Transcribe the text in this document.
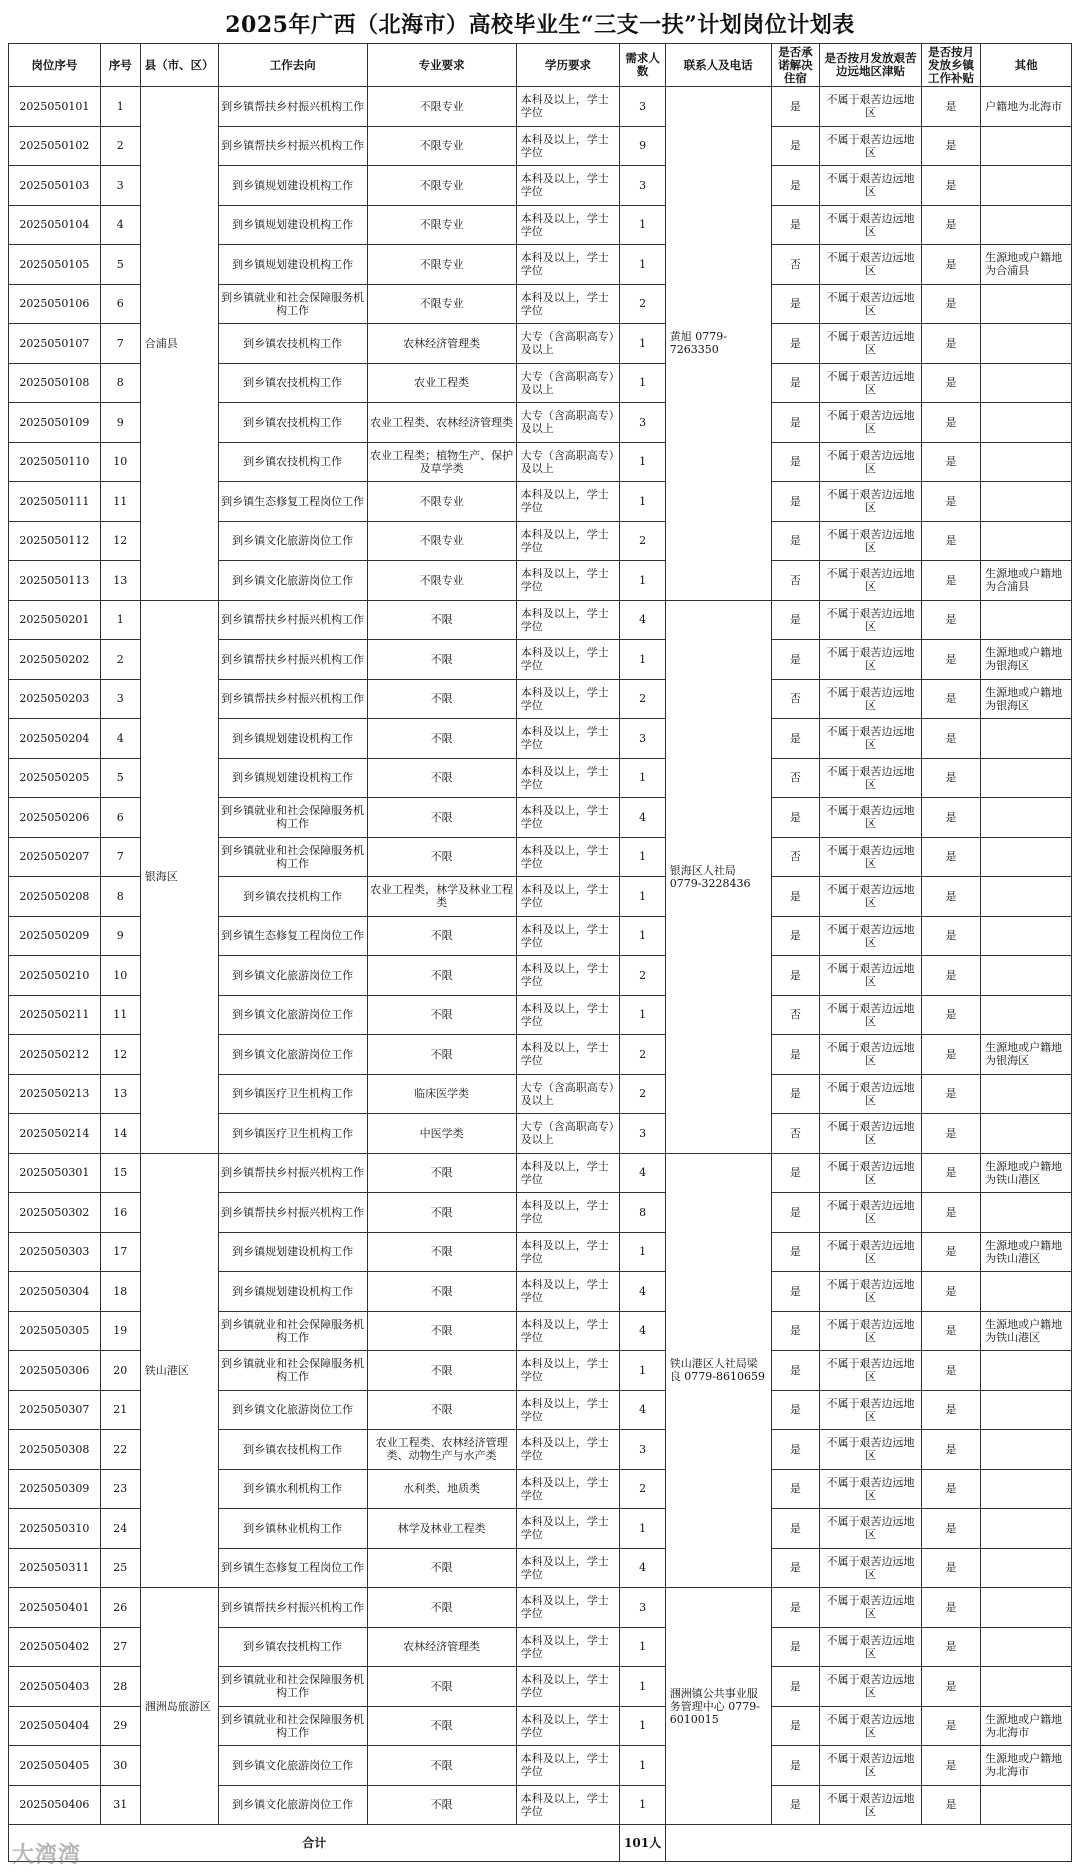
2025年广西（北海市）高校毕业生“三支一扶”计划岗位计划表
岗位序号	序号	县（市、区）	工作去向	专业要求	学历要求	需求人数	联系人及电话	是否承诺解决住宿	是否按月发放艰苦边远地区津贴	是否按月发放乡镇工作补贴	其他
2025050101	1	合浦县	到乡镇帮扶乡村振兴机构工作	不限专业	本科及以上，学士学位	3	黄旭 0779-7263350	是	不属于艰苦边远地区	是	户籍地为北海市
2025050102	2		到乡镇帮扶乡村振兴机构工作	不限专业	本科及以上，学士学位	9		是	不属于艰苦边远地区	是	
2025050103	3		到乡镇规划建设机构工作	不限专业	本科及以上，学士学位	3		是	不属于艰苦边远地区	是	
2025050104	4		到乡镇规划建设机构工作	不限专业	本科及以上，学士学位	1		是	不属于艰苦边远地区	是	
2025050105	5		到乡镇规划建设机构工作	不限专业	本科及以上，学士学位	1		否	不属于艰苦边远地区	是	生源地或户籍地为合浦县
2025050106	6		到乡镇就业和社会保障服务机构工作	不限专业	本科及以上，学士学位	2		是	不属于艰苦边远地区	是	
2025050107	7		到乡镇农技机构工作	农林经济管理类	大专（含高职高专）及以上	1		是	不属于艰苦边远地区	是	
2025050108	8		到乡镇农技机构工作	农业工程类	大专（含高职高专）及以上	1		是	不属于艰苦边远地区	是	
2025050109	9		到乡镇农技机构工作	农业工程类、农林经济管理类	大专（含高职高专）及以上	3		是	不属于艰苦边远地区	是	
2025050110	10		到乡镇农技机构工作	农业工程类；植物生产、保护及草学类	大专（含高职高专）及以上	1		是	不属于艰苦边远地区	是	
2025050111	11		到乡镇生态修复工程岗位工作	不限专业	本科及以上，学士学位	1		是	不属于艰苦边远地区	是	
2025050112	12		到乡镇文化旅游岗位工作	不限专业	本科及以上，学士学位	2		是	不属于艰苦边远地区	是	
2025050113	13		到乡镇文化旅游岗位工作	不限专业	本科及以上，学士学位	1		否	不属于艰苦边远地区	是	生源地或户籍地为合浦县
2025050201	1	银海区	到乡镇帮扶乡村振兴机构工作	不限	本科及以上，学士学位	4	银海区人社局 0779-3228436	是	不属于艰苦边远地区	是	
2025050202	2		到乡镇帮扶乡村振兴机构工作	不限	本科及以上，学士学位	1		是	不属于艰苦边远地区	是	生源地或户籍地为银海区
2025050203	3		到乡镇帮扶乡村振兴机构工作	不限	本科及以上，学士学位	2		否	不属于艰苦边远地区	是	生源地或户籍地为银海区
2025050204	4		到乡镇规划建设机构工作	不限	本科及以上，学士学位	3		是	不属于艰苦边远地区	是	
2025050205	5		到乡镇规划建设机构工作	不限	本科及以上，学士学位	1		否	不属于艰苦边远地区	是	
2025050206	6		到乡镇就业和社会保障服务机构工作	不限	本科及以上，学士学位	4		是	不属于艰苦边远地区	是	
2025050207	7		到乡镇就业和社会保障服务机构工作	不限	本科及以上，学士学位	1		否	不属于艰苦边远地区	是	
2025050208	8		到乡镇农技机构工作	农业工程类，林学及林业工程类	本科及以上，学士学位	1		是	不属于艰苦边远地区	是	
2025050209	9		到乡镇生态修复工程岗位工作	不限	本科及以上，学士学位	1		是	不属于艰苦边远地区	是	
2025050210	10		到乡镇文化旅游岗位工作	不限	本科及以上，学士学位	2		是	不属于艰苦边远地区	是	
2025050211	11		到乡镇文化旅游岗位工作	不限	本科及以上，学士学位	1		否	不属于艰苦边远地区	是	
2025050212	12		到乡镇文化旅游岗位工作	不限	本科及以上，学士学位	2		是	不属于艰苦边远地区	是	生源地或户籍地为银海区
2025050213	13		到乡镇医疗卫生机构工作	临床医学类	大专（含高职高专）及以上	2		是	不属于艰苦边远地区	是	
2025050214	14		到乡镇医疗卫生机构工作	中医学类	大专（含高职高专）及以上	3		否	不属于艰苦边远地区	是	
2025050301	15	铁山港区	到乡镇帮扶乡村振兴机构工作	不限	本科及以上，学士学位	4	铁山港区人社局梁良 0779-8610659	是	不属于艰苦边远地区	是	生源地或户籍地为铁山港区
2025050302	16		到乡镇帮扶乡村振兴机构工作	不限	本科及以上，学士学位	8		是	不属于艰苦边远地区	是	
2025050303	17		到乡镇规划建设机构工作	不限	本科及以上，学士学位	1		是	不属于艰苦边远地区	是	生源地或户籍地为铁山港区
2025050304	18		到乡镇规划建设机构工作	不限	本科及以上，学士学位	4		是	不属于艰苦边远地区	是	
2025050305	19		到乡镇就业和社会保障服务机构工作	不限	本科及以上，学士学位	4		是	不属于艰苦边远地区	是	生源地或户籍地为铁山港区
2025050306	20		到乡镇就业和社会保障服务机构工作	不限	本科及以上，学士学位	1		是	不属于艰苦边远地区	是	
2025050307	21		到乡镇文化旅游岗位工作	不限	本科及以上，学士学位	4		是	不属于艰苦边远地区	是	
2025050308	22		到乡镇农技机构工作	农业工程类、农林经济管理类、动物生产与水产类	本科及以上，学士学位	3		是	不属于艰苦边远地区	是	
2025050309	23		到乡镇水利机构工作	水利类、地质类	本科及以上，学士学位	2		是	不属于艰苦边远地区	是	
2025050310	24		到乡镇林业机构工作	林学及林业工程类	本科及以上，学士学位	1		是	不属于艰苦边远地区	是	
2025050311	25		到乡镇生态修复工程岗位工作	不限	本科及以上，学士学位	4		是	不属于艰苦边远地区	是	
2025050401	26	涠洲岛旅游区	到乡镇帮扶乡村振兴机构工作	不限	本科及以上，学士学位	3	涠洲镇公共事业服务管理中心 0779-6010015	是	不属于艰苦边远地区	是	
2025050402	27		到乡镇农技机构工作	农林经济管理类	本科及以上，学士学位	1		是	不属于艰苦边远地区	是	
2025050403	28		到乡镇就业和社会保障服务机构工作	不限	本科及以上，学士学位	1		是	不属于艰苦边远地区	是	
2025050404	29		到乡镇就业和社会保障服务机构工作	不限	本科及以上，学士学位	1		是	不属于艰苦边远地区	是	生源地或户籍地为北海市
2025050405	30		到乡镇文化旅游岗位工作	不限	本科及以上，学士学位	1		是	不属于艰苦边远地区	是	生源地或户籍地为北海市
2025050406	31		到乡镇文化旅游岗位工作	不限	本科及以上，学士学位	1		是	不属于艰苦边远地区	是	
合计						101人					
大湾湾
